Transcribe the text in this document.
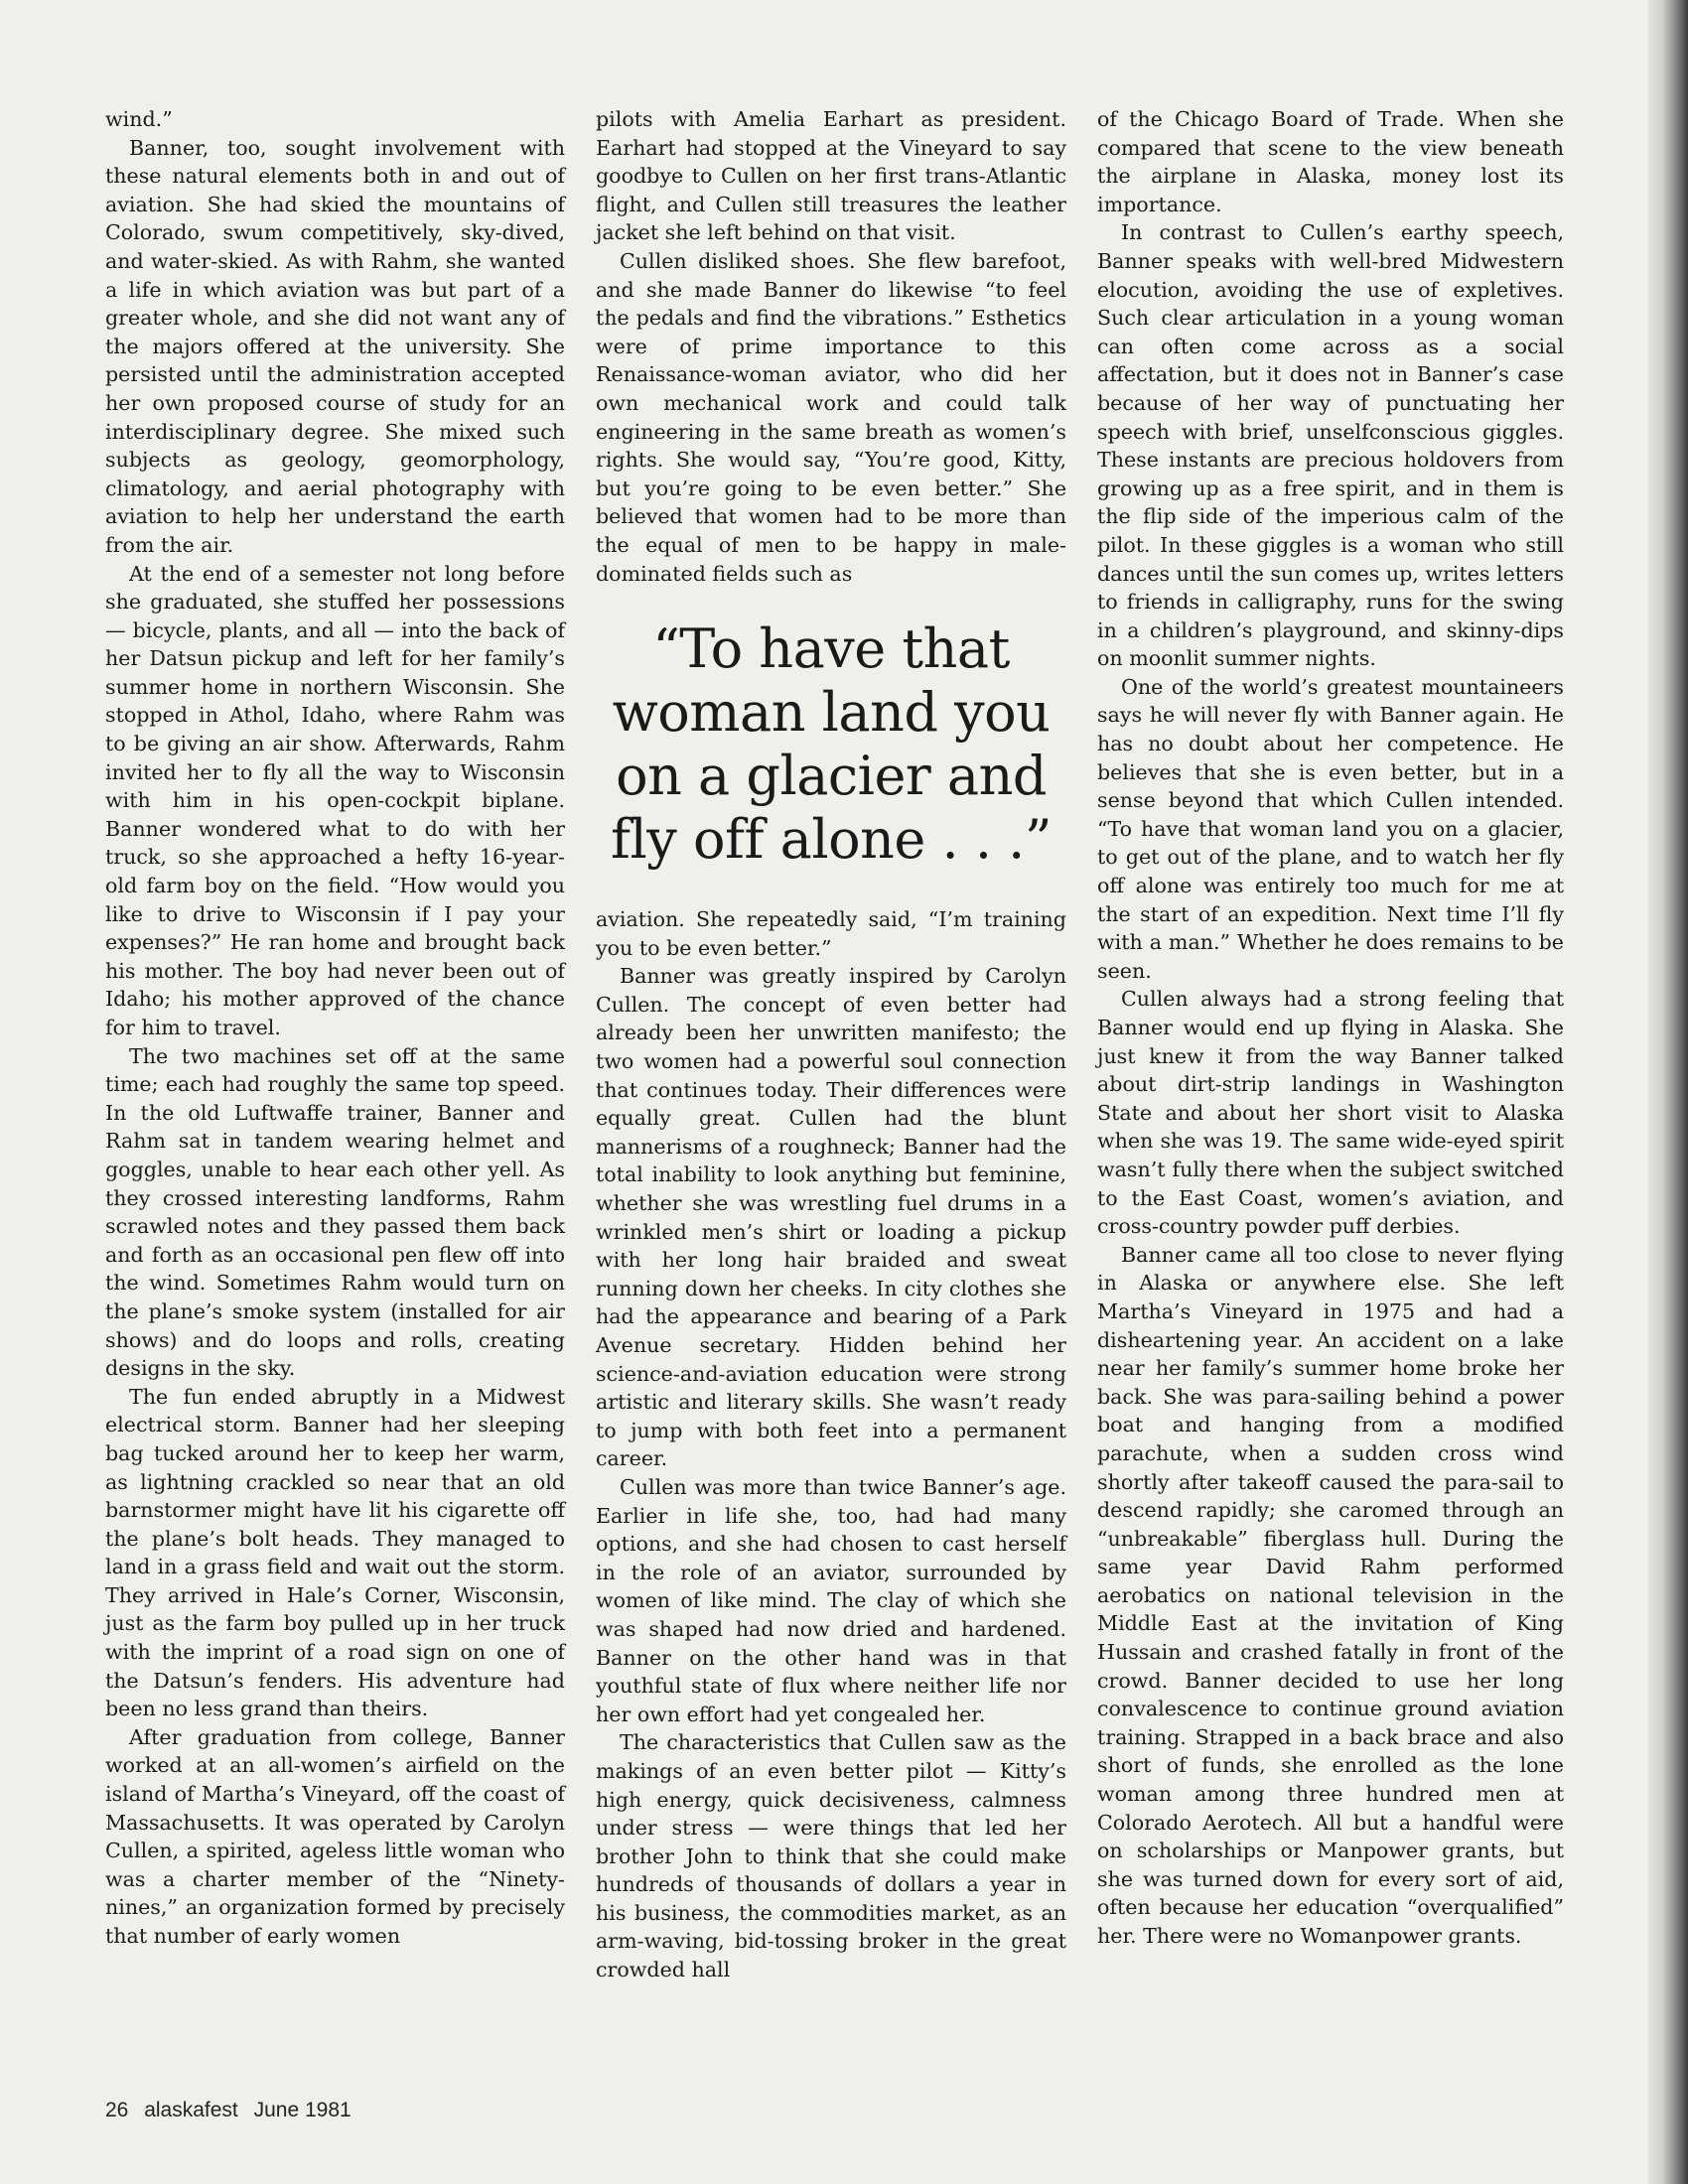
wind.”

Banner, too, sought involvement with these natural elements both in and out of aviation. She had skied the mountains of Colorado, swum competitively, sky-dived, and water-skied. As with Rahm, she wanted a life in which aviation was but part of a greater whole, and she did not want any of the majors offered at the university. She persisted until the administration accepted her own proposed course of study for an interdisciplinary degree. She mixed such subjects as geology, geomorphology, climatology, and aerial photography with aviation to help her understand the earth from the air.

At the end of a semester not long before she graduated, she stuffed her possessions — bicycle, plants, and all — into the back of her Datsun pickup and left for her family’s summer home in northern Wisconsin. She stopped in Athol, Idaho, where Rahm was to be giving an air show. Afterwards, Rahm invited her to fly all the way to Wisconsin with him in his open-cockpit biplane. Banner wondered what to do with her truck, so she approached a hefty 16-year-old farm boy on the field. “How would you like to drive to Wisconsin if I pay your expenses?” He ran home and brought back his mother. The boy had never been out of Idaho; his mother approved of the chance for him to travel.

The two machines set off at the same time; each had roughly the same top speed. In the old Luftwaffe trainer, Banner and Rahm sat in tandem wearing helmet and goggles, unable to hear each other yell. As they crossed interesting landforms, Rahm scrawled notes and they passed them back and forth as an occasional pen flew off into the wind. Sometimes Rahm would turn on the plane’s smoke system (installed for air shows) and do loops and rolls, creating designs in the sky.

The fun ended abruptly in a Midwest electrical storm. Banner had her sleeping bag tucked around her to keep her warm, as lightning crackled so near that an old barnstormer might have lit his cigarette off the plane’s bolt heads. They managed to land in a grass field and wait out the storm. They arrived in Hale’s Corner, Wisconsin, just as the farm boy pulled up in her truck with the imprint of a road sign on one of the Datsun’s fenders. His adventure had been no less grand than theirs.

After graduation from college, Banner worked at an all-women’s airfield on the island of Martha’s Vineyard, off the coast of Massachusetts. It was operated by Carolyn Cullen, a spirited, ageless little woman who was a charter member of the “Ninety-nines,” an organization formed by precisely that number of early women

pilots with Amelia Earhart as president. Earhart had stopped at the Vineyard to say goodbye to Cullen on her first trans-Atlantic flight, and Cullen still treasures the leather jacket she left behind on that visit.

Cullen disliked shoes. She flew barefoot, and she made Banner do likewise “to feel the pedals and find the vibrations.” Esthetics were of prime importance to this Renaissance-woman aviator, who did her own mechanical work and could talk engineering in the same breath as women’s rights. She would say, “You’re good, Kitty, but you’re going to be even better.” She believed that women had to be more than the equal of men to be happy in male-dominated fields such as

“To have that
woman land you
on a glacier and
fly off alone . . .”

aviation. She repeatedly said, “I’m training you to be even better.”

Banner was greatly inspired by Carolyn Cullen. The concept of even better had already been her unwritten manifesto; the two women had a powerful soul connection that continues today. Their differences were equally great. Cullen had the blunt mannerisms of a roughneck; Banner had the total inability to look anything but feminine, whether she was wrestling fuel drums in a wrinkled men’s shirt or loading a pickup with her long hair braided and sweat running down her cheeks. In city clothes she had the appearance and bearing of a Park Avenue secretary. Hidden behind her science-and-aviation education were strong artistic and literary skills. She wasn’t ready to jump with both feet into a permanent career.

Cullen was more than twice Banner’s age. Earlier in life she, too, had had many options, and she had chosen to cast herself in the role of an aviator, surrounded by women of like mind. The clay of which she was shaped had now dried and hardened. Banner on the other hand was in that youthful state of flux where neither life nor her own effort had yet congealed her.

The characteristics that Cullen saw as the makings of an even better pilot — Kitty’s high energy, quick decisiveness, calmness under stress — were things that led her brother John to think that she could make hundreds of thousands of dollars a year in his business, the commodities market, as an arm-waving, bid-tossing broker in the great crowded hall

of the Chicago Board of Trade. When she compared that scene to the view beneath the airplane in Alaska, money lost its importance.

In contrast to Cullen’s earthy speech, Banner speaks with well-bred Midwestern elocution, avoiding the use of expletives. Such clear articulation in a young woman can often come across as a social affectation, but it does not in Banner’s case because of her way of punctuating her speech with brief, unselfconscious giggles. These instants are precious holdovers from growing up as a free spirit, and in them is the flip side of the imperious calm of the pilot. In these giggles is a woman who still dances until the sun comes up, writes letters to friends in calligraphy, runs for the swing in a children’s playground, and skinny-dips on moonlit summer nights.

One of the world’s greatest mountaineers says he will never fly with Banner again. He has no doubt about her competence. He believes that she is even better, but in a sense beyond that which Cullen intended. “To have that woman land you on a glacier, to get out of the plane, and to watch her fly off alone was entirely too much for me at the start of an expedition. Next time I’ll fly with a man.” Whether he does remains to be seen.

Cullen always had a strong feeling that Banner would end up flying in Alaska. She just knew it from the way Banner talked about dirt-strip landings in Washington State and about her short visit to Alaska when she was 19. The same wide-eyed spirit wasn’t fully there when the subject switched to the East Coast, women’s aviation, and cross-country powder puff derbies.

Banner came all too close to never flying in Alaska or anywhere else. She left Martha’s Vineyard in 1975 and had a disheartening year. An accident on a lake near her family’s summer home broke her back. She was para-sailing behind a power boat and hanging from a modified parachute, when a sudden cross wind shortly after takeoff caused the para-sail to descend rapidly; she caromed through an “unbreakable” fiberglass hull. During the same year David Rahm performed aerobatics on national television in the Middle East at the invitation of King Hussain and crashed fatally in front of the crowd. Banner decided to use her long convalescence to continue ground aviation training. Strapped in a back brace and also short of funds, she enrolled as the lone woman among three hundred men at Colorado Aerotech. All but a handful were on scholarships or Manpower grants, but she was turned down for every sort of aid, often because her education “overqualified” her. There were no Womanpower grants.

26 alaskafest June 1981
